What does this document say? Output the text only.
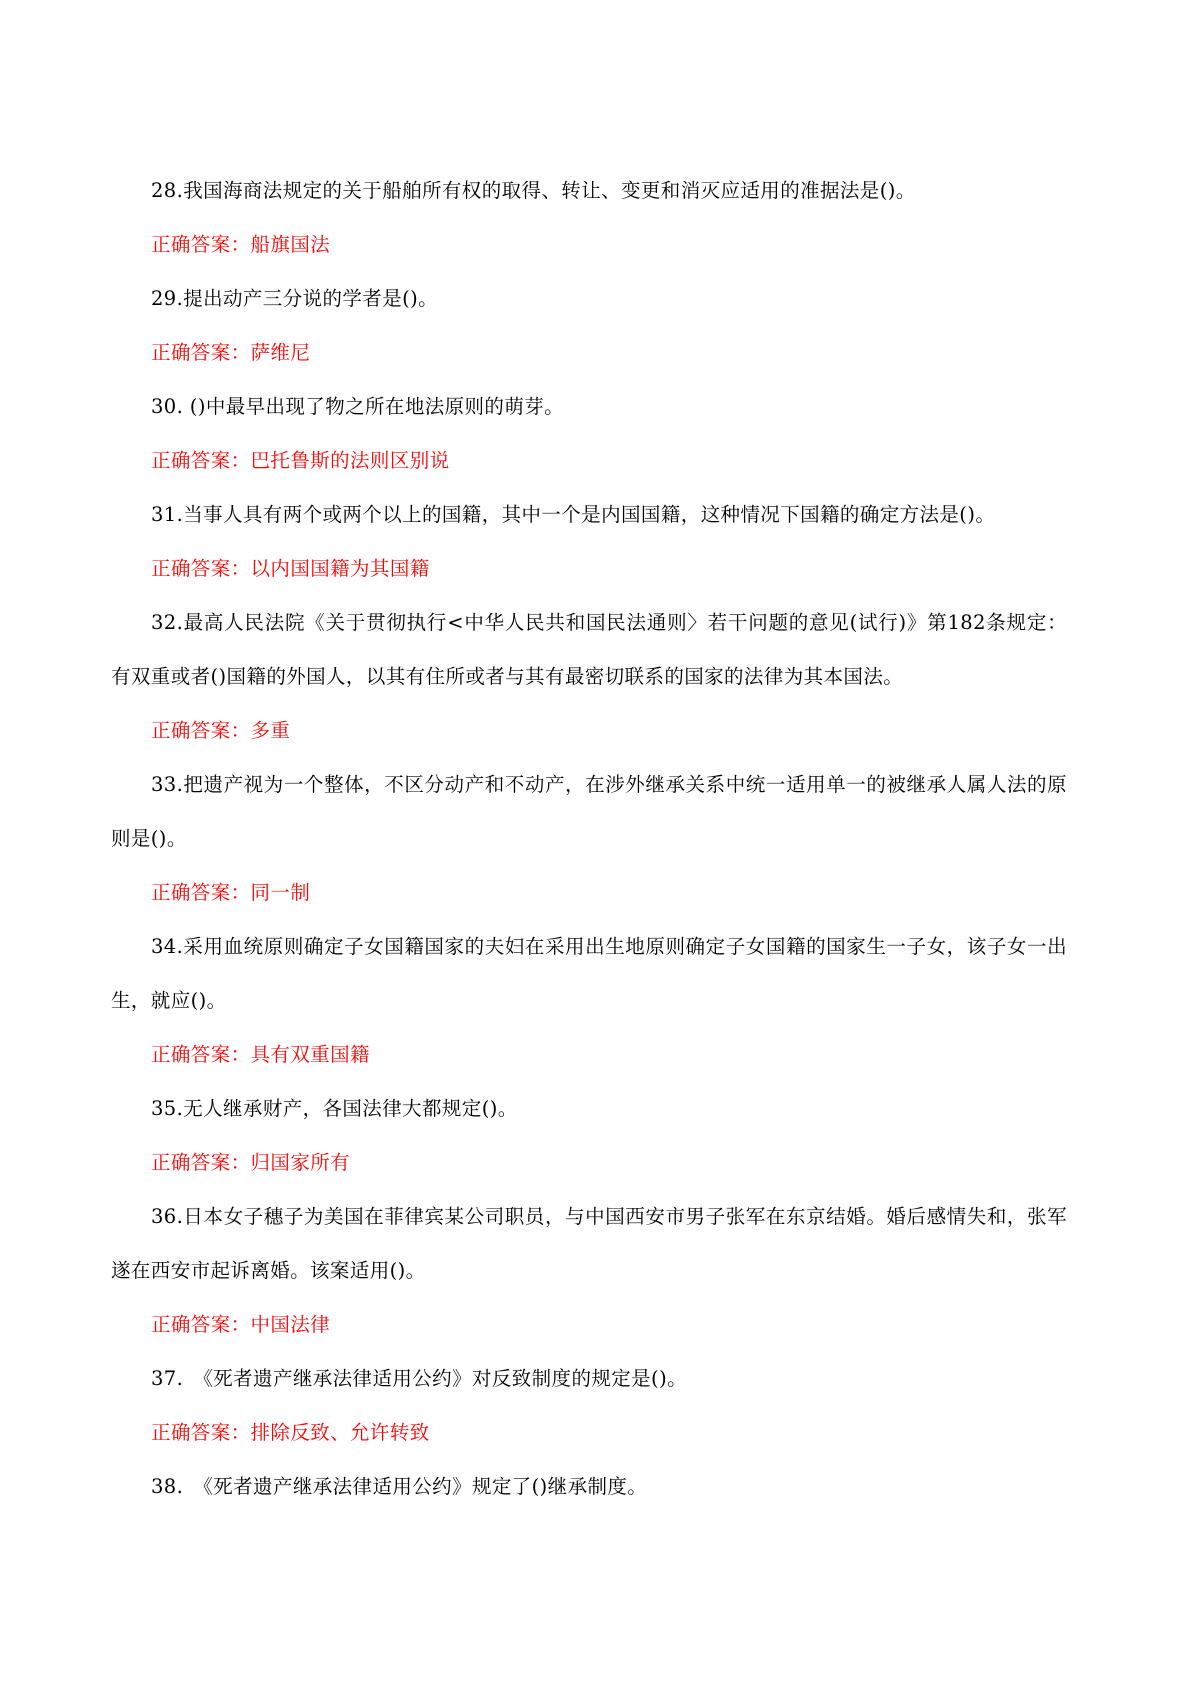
28.我国海商法规定的关于船舶所有权的取得、转让、变更和消灭应适用的准据法是()。

正确答案：船旗国法

29.提出动产三分说的学者是()。

正确答案：萨维尼

30. ()中最早出现了物之所在地法原则的萌芽。

正确答案：巴托鲁斯的法则区别说

31.当事人具有两个或两个以上的国籍，其中一个是内国国籍，这种情况下国籍的确定方法是()。

正确答案：以内国国籍为其国籍

32.最高人民法院《关于贯彻执行<中华人民共和国民法通则〉若干问题的意见(试行)》第182条规定：有双重或者()国籍的外国人，以其有住所或者与其有最密切联系的国家的法律为其本国法。

正确答案：多重

33.把遗产视为一个整体，不区分动产和不动产，在涉外继承关系中统一适用单一的被继承人属人法的原则是()。

正确答案：同一制

34.采用血统原则确定子女国籍国家的夫妇在采用出生地原则确定子女国籍的国家生一子女，该子女一出生，就应()。

正确答案：具有双重国籍

35.无人继承财产，各国法律大都规定()。

正确答案：归国家所有

36.日本女子穗子为美国在菲律宾某公司职员，与中国西安市男子张军在东京结婚。婚后感情失和，张军遂在西安市起诉离婚。该案适用()。

正确答案：中国法律

37.　《死者遗产继承法律适用公约》对反致制度的规定是()。

正确答案：排除反致、允许转致

38.　《死者遗产继承法律适用公约》规定了()继承制度。
